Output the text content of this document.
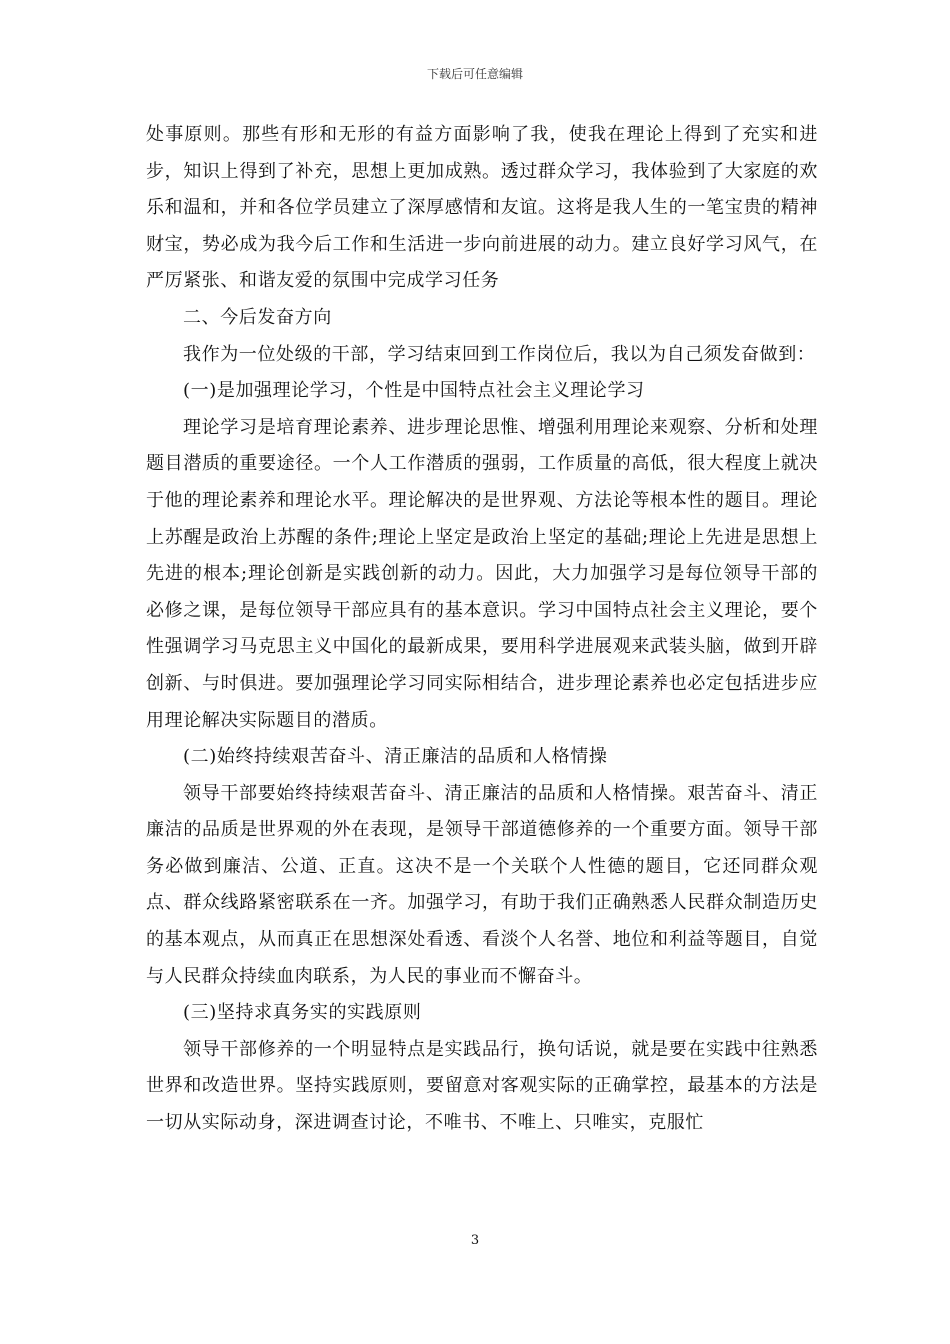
下载后可任意编辑

处事原则。那些有形和无形的有益方面影响了我，使我在理论上得到了充实和进步，知识上得到了补充，思想上更加成熟。透过群众学习，我体验到了大家庭的欢乐和温和，并和各位学员建立了深厚感情和友谊。这将是我人生的一笔宝贵的精神财宝，势必成为我今后工作和生活进一步向前进展的动力。建立良好学习风气，在严厉紧张、和谐友爱的氛围中完成学习任务

二、今后发奋方向

我作为一位处级的干部，学习结束回到工作岗位后，我以为自己须发奋做到：

(一)是加强理论学习，个性是中国特点社会主义理论学习

理论学习是培育理论素养、进步理论思惟、增强利用理论来观察、分析和处理题目潜质的重要途径。一个人工作潜质的强弱，工作质量的高低，很大程度上就决于他的理论素养和理论水平。理论解决的是世界观、方法论等根本性的题目。理论上苏醒是政治上苏醒的条件;理论上坚定是政治上坚定的基础;理论上先进是思想上先进的根本;理论创新是实践创新的动力。因此，大力加强学习是每位领导干部的必修之课，是每位领导干部应具有的基本意识。学习中国特点社会主义理论，要个性强调学习马克思主义中国化的最新成果，要用科学进展观来武装头脑，做到开辟创新、与时俱进。要加强理论学习同实际相结合，进步理论素养也必定包括进步应用理论解决实际题目的潜质。

(二)始终持续艰苦奋斗、清正廉洁的品质和人格情操

领导干部要始终持续艰苦奋斗、清正廉洁的品质和人格情操。艰苦奋斗、清正廉洁的品质是世界观的外在表现，是领导干部道德修养的一个重要方面。领导干部务必做到廉洁、公道、正直。这决不是一个关联个人性德的题目，它还同群众观点、群众线路紧密联系在一齐。加强学习，有助于我们正确熟悉人民群众制造历史的基本观点，从而真正在思想深处看透、看淡个人名誉、地位和利益等题目，自觉与人民群众持续血肉联系，为人民的事业而不懈奋斗。

(三)坚持求真务实的实践原则

领导干部修养的一个明显特点是实践品行，换句话说，就是要在实践中往熟悉世界和改造世界。坚持实践原则，要留意对客观实际的正确掌控，最基本的方法是一切从实际动身，深进调查讨论，不唯书、不唯上、只唯实，克服忙

3
